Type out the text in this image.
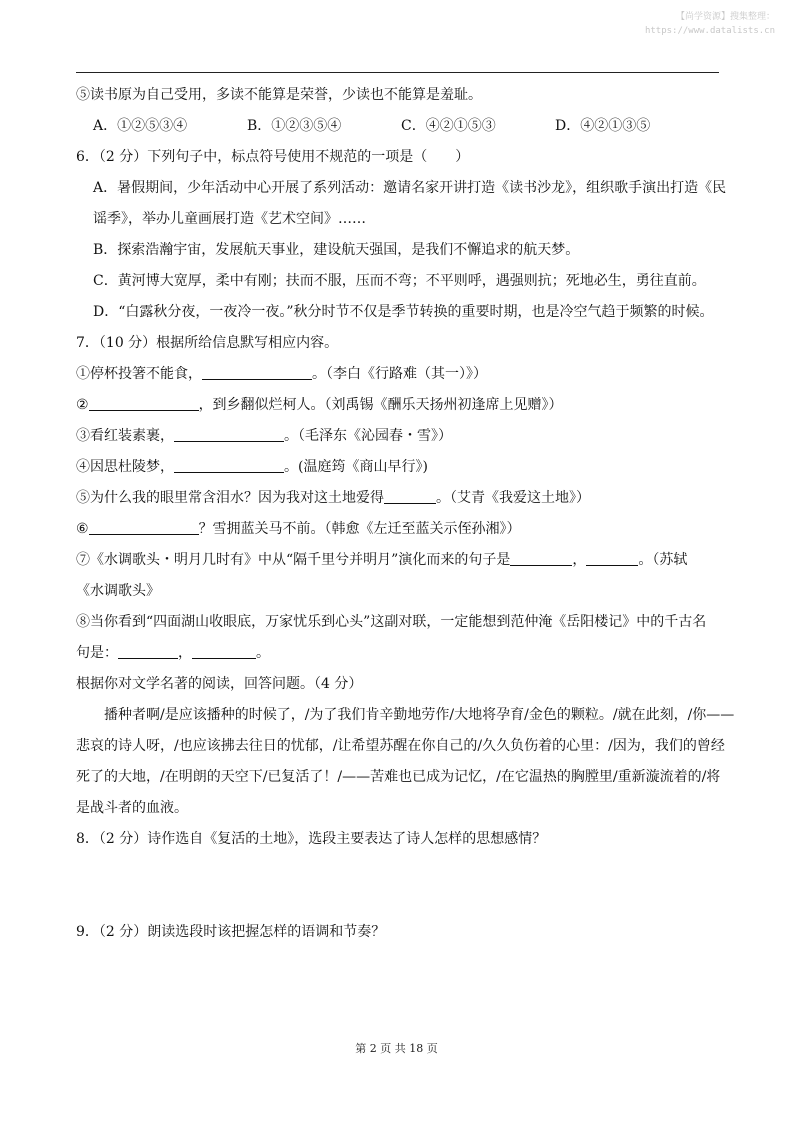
【尚学资源】搜集整理：
https://www.datalists.cn
⑤读书原为自己受用，多读不能算是荣誉，少读也不能算是羞耻。
A．①②⑤③④	B．①②③⑤④	C．④②①⑤③	D．④②①③⑤
6．（2 分）下列句子中，标点符号使用不规范的一项是（　　）
A．暑假期间，少年活动中心开展了系列活动：邀请名家开讲打造《读书沙龙》，组织歌手演出打造《民
谣季》，举办儿童画展打造《艺术空间》……
B．探索浩瀚宇宙，发展航天事业，建设航天强国，是我们不懈追求的航天梦。
C．黄河博大宽厚，柔中有刚；扶而不服，压而不弯；不平则呼，遇强则抗；死地必生，勇往直前。
D．“白露秋分夜，一夜冷一夜。”秋分时节不仅是季节转换的重要时期，也是冷空气趋于频繁的时候。
7．（10 分）根据所给信息默写相应内容。
①停杯投箸不能食，	。（李白《行路难（其一）》）
②	，到乡翻似烂柯人。（刘禹锡《酬乐天扬州初逢席上见赠》）
③看红装素裹，	。（毛泽东《沁园春・雪》）
④因思杜陵梦，	。(温庭筠《商山早行》)
⑤为什么我的眼里常含泪水？因为我对这土地爱得	。（艾青《我爱这土地》）
⑥	？雪拥蓝关马不前。（韩愈《左迁至蓝关示侄孙湘》）
⑦《水调歌头・明月几时有》中从“隔千里兮并明月”演化而来的句子是	，	。（苏轼
《水调歌头》
⑧当你看到“四面湖山收眼底，万家忧乐到心头”这副对联，一定能想到范仲淹《岳阳楼记》中的千古名
句是：	，	。
根据你对文学名著的阅读，回答问题。（4 分）
播种者啊/是应该播种的时候了，/为了我们肯辛勤地劳作/大地将孕育/金色的颗粒。/就在此刻，/你——
悲哀的诗人呀，/也应该拂去往日的忧郁，/让希望苏醒在你自己的/久久负伤着的心里：/因为，我们的曾经
死了的大地，/在明朗的天空下/已复活了！/——苦难也已成为记忆，/在它温热的胸膛里/重新漩流着的/将
是战斗者的血液。
8．（2 分）诗作选自《复活的土地》，选段主要表达了诗人怎样的思想感情？
9．（2 分）朗读选段时该把握怎样的语调和节奏？
第 2 页 共 18 页
